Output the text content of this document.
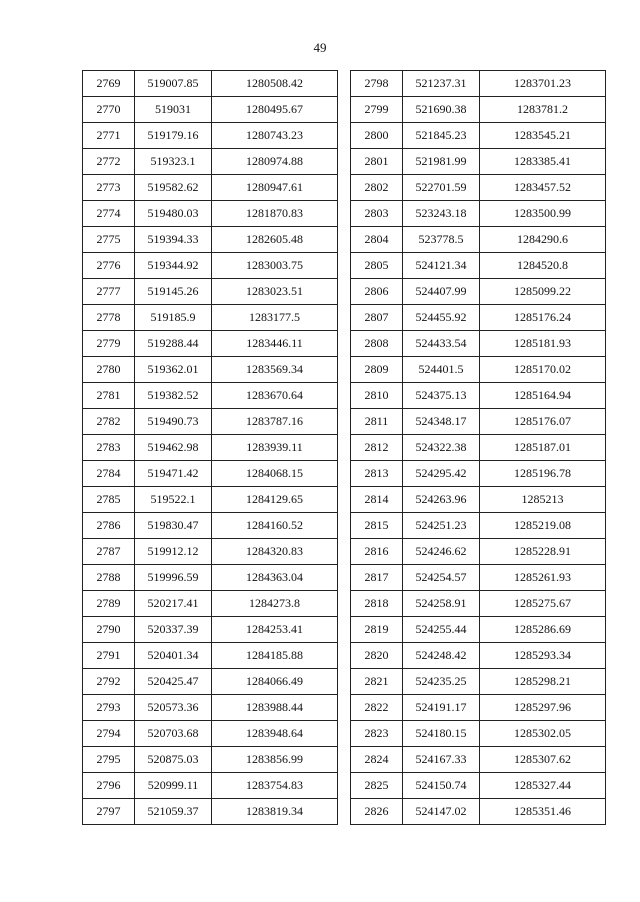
49
2769	519007.85	1280508.42
2770	519031	1280495.67
2771	519179.16	1280743.23
2772	519323.1	1280974.88
2773	519582.62	1280947.61
2774	519480.03	1281870.83
2775	519394.33	1282605.48
2776	519344.92	1283003.75
2777	519145.26	1283023.51
2778	519185.9	1283177.5
2779	519288.44	1283446.11
2780	519362.01	1283569.34
2781	519382.52	1283670.64
2782	519490.73	1283787.16
2783	519462.98	1283939.11
2784	519471.42	1284068.15
2785	519522.1	1284129.65
2786	519830.47	1284160.52
2787	519912.12	1284320.83
2788	519996.59	1284363.04
2789	520217.41	1284273.8
2790	520337.39	1284253.41
2791	520401.34	1284185.88
2792	520425.47	1284066.49
2793	520573.36	1283988.44
2794	520703.68	1283948.64
2795	520875.03	1283856.99
2796	520999.11	1283754.83
2797	521059.37	1283819.34
2798	521237.31	1283701.23
2799	521690.38	1283781.2
2800	521845.23	1283545.21
2801	521981.99	1283385.41
2802	522701.59	1283457.52
2803	523243.18	1283500.99
2804	523778.5	1284290.6
2805	524121.34	1284520.8
2806	524407.99	1285099.22
2807	524455.92	1285176.24
2808	524433.54	1285181.93
2809	524401.5	1285170.02
2810	524375.13	1285164.94
2811	524348.17	1285176.07
2812	524322.38	1285187.01
2813	524295.42	1285196.78
2814	524263.96	1285213
2815	524251.23	1285219.08
2816	524246.62	1285228.91
2817	524254.57	1285261.93
2818	524258.91	1285275.67
2819	524255.44	1285286.69
2820	524248.42	1285293.34
2821	524235.25	1285298.21
2822	524191.17	1285297.96
2823	524180.15	1285302.05
2824	524167.33	1285307.62
2825	524150.74	1285327.44
2826	524147.02	1285351.46
